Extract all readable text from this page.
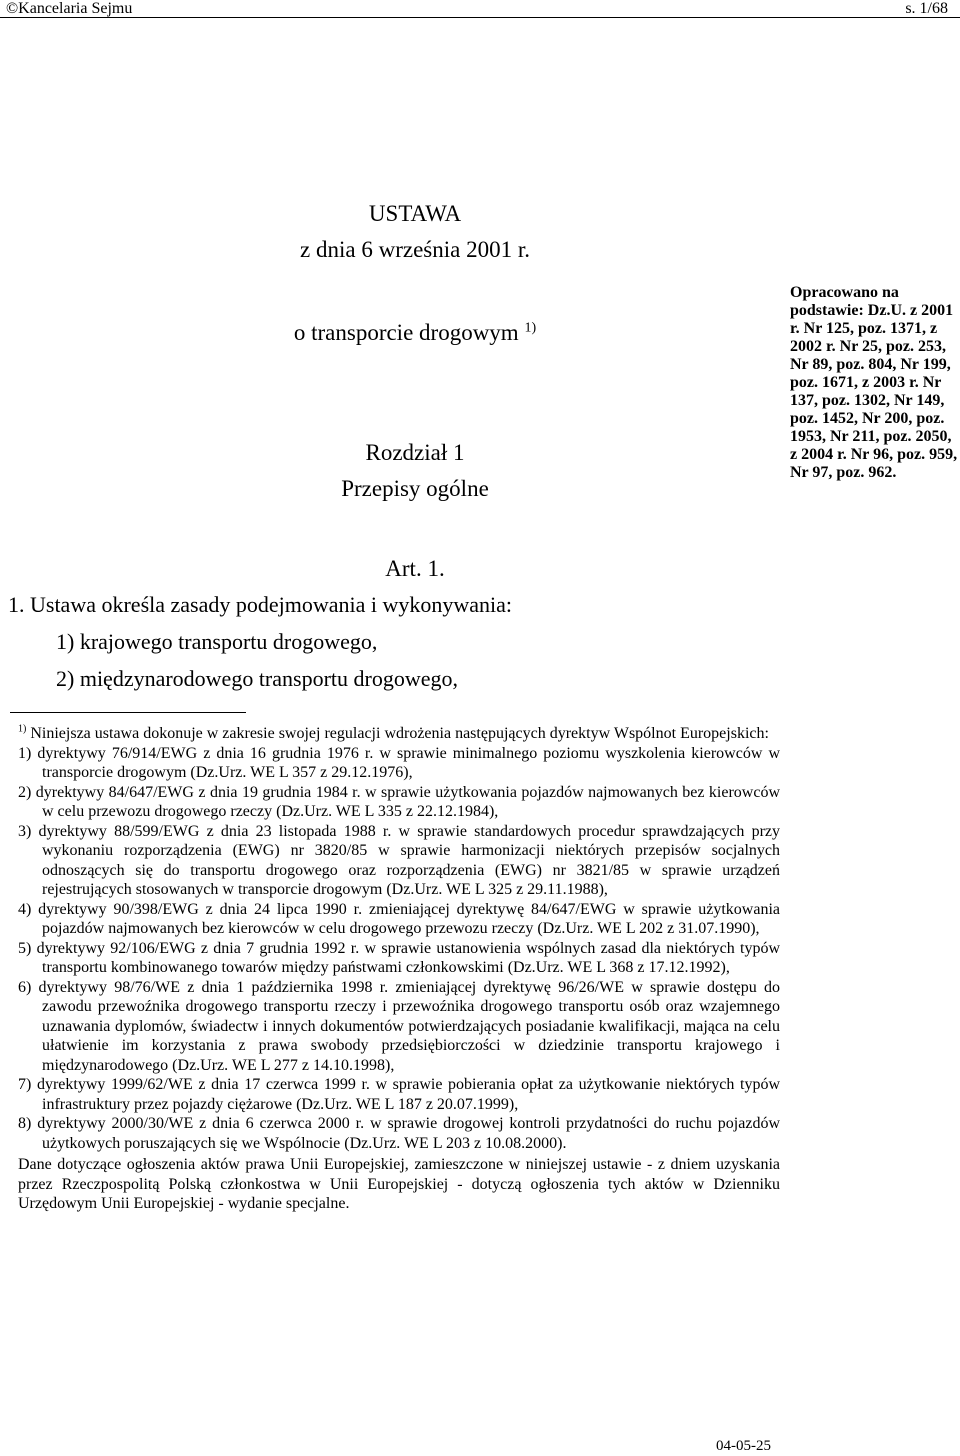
©Kancelaria Sejmu	s. 1/68
USTAWA
z dnia 6 września 2001 r.
o transporcie drogowym $^{1)}$
Rozdział 1
Przepisy ogólne
Art. 1.
1. Ustawa określa zasady podejmowania i wykonywania:
1) krajowego transportu drogowego,
2) międzynarodowego transportu drogowego,
Opracowano na podstawie: Dz.U. z 2001 r. Nr 125, poz. 1371, z 2002 r. Nr 25, poz. 253, Nr 89, poz. 804, Nr 199, poz. 1671, z 2003 r. Nr 137, poz. 1302, Nr 149, poz. 1452, Nr 200, poz. 1953, Nr 211, poz. 2050, z 2004 r. Nr 96, poz. 959, Nr 97, poz. 962.
$^{1)}$ Niniejsza ustawa dokonuje w zakresie swojej regulacji wdrożenia następujących dyrektyw Wspólnot Europejskich:
1) dyrektywy 76/914/EWG z dnia 16 grudnia 1976 r. w sprawie minimalnego poziomu wyszkolenia kierowców w transporcie drogowym (Dz.Urz. WE L 357 z 29.12.1976),
2) dyrektywy 84/647/EWG z dnia 19 grudnia 1984 r. w sprawie użytkowania pojazdów najmowanych bez kierowców w celu przewozu drogowego rzeczy (Dz.Urz. WE L 335 z 22.12.1984),
3) dyrektywy 88/599/EWG z dnia 23 listopada 1988 r. w sprawie standardowych procedur sprawdzających przy wykonaniu rozporządzenia (EWG) nr 3820/85 w sprawie harmonizacji niektórych przepisów socjalnych odnoszących się do transportu drogowego oraz rozporządzenia (EWG) nr 3821/85 w sprawie urządzeń rejestrujących stosowanych w transporcie drogowym (Dz.Urz. WE L 325 z 29.11.1988),
4) dyrektywy 90/398/EWG z dnia 24 lipca 1990 r. zmieniającej dyrektywę 84/647/EWG w sprawie użytkowania pojazdów najmowanych bez kierowców w celu drogowego przewozu rzeczy (Dz.Urz. WE L 202 z 31.07.1990),
5) dyrektywy 92/106/EWG z dnia 7 grudnia 1992 r. w sprawie ustanowienia wspólnych zasad dla niektórych typów transportu kombinowanego towarów między państwami członkowskimi (Dz.Urz. WE L 368 z 17.12.1992),
6) dyrektywy 98/76/WE z dnia 1 października 1998 r. zmieniającej dyrektywę 96/26/WE w sprawie dostępu do zawodu przewoźnika drogowego transportu rzeczy i przewoźnika drogowego transportu osób oraz wzajemnego uznawania dyplomów, świadectw i innych dokumentów potwierdzających posiadanie kwalifikacji, mająca na celu ułatwienie im korzystania z prawa swobody przedsiębiorczości w dziedzinie transportu krajowego i międzynarodowego (Dz.Urz. WE L 277 z 14.10.1998),
7) dyrektywy 1999/62/WE z dnia 17 czerwca 1999 r. w sprawie pobierania opłat za użytkowanie niektórych typów infrastruktury przez pojazdy ciężarowe (Dz.Urz. WE L 187 z 20.07.1999),
8) dyrektywy 2000/30/WE z dnia 6 czerwca 2000 r. w sprawie drogowej kontroli przydatności do ruchu pojazdów użytkowych poruszających się we Wspólnocie (Dz.Urz. WE L 203 z 10.08.2000).
Dane dotyczące ogłoszenia aktów prawa Unii Europejskiej, zamieszczone w niniejszej ustawie - z dniem uzyskania przez Rzeczpospolitą Polską członkostwa w Unii Europejskiej - dotyczą ogłoszenia tych aktów w Dzienniku Urzędowym Unii Europejskiej - wydanie specjalne.
04-05-25
